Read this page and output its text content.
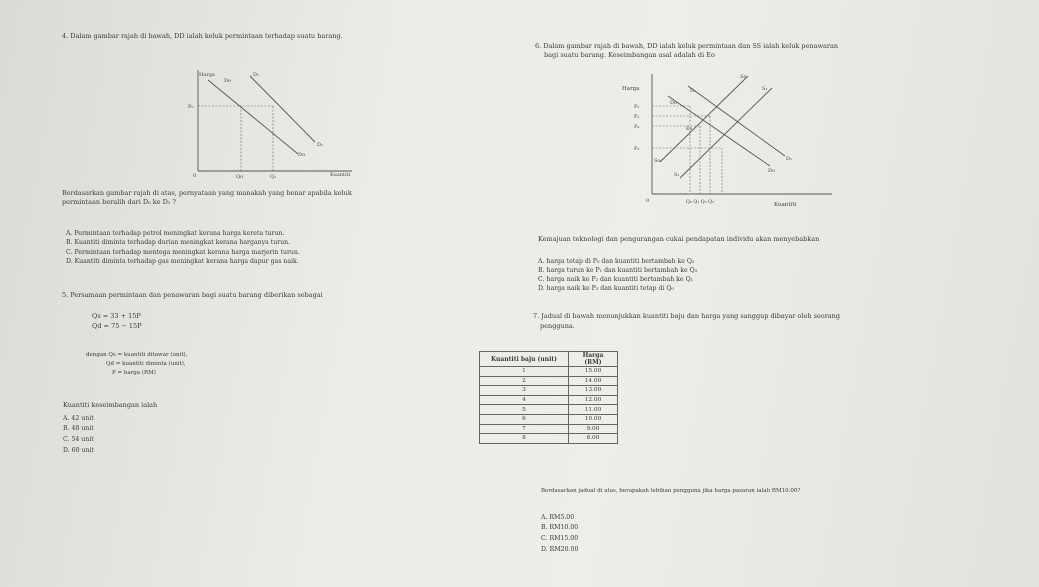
4. Dalam gambar rajah di bawah, DD ialah keluk permintaan terhadap suatu barang.
Harga
Kuantiti
0
Do
D₁
Do
D₁
P₀
Qo	Q₁
Berdasarkan gambar rajah di atas, pernyataan yang manakah yang benar apabila keluk
permintaan beralih dari D₀ ke D₁ ?
A. Permintaan terhadap petrol meningkat kerana harga kereta turun.
B. Kuantiti diminta terhadap durian meningkat kerana harganya turun.
C. Permintaan terhadap mentega meningkat kerana harga marjerin turun.
D. Kuantiti diminta terhadap gas meningkat kerana harga dapur gas naik.
5. Persamaan permintaan dan penawaran bagi suatu barang diberikan sebagai
Qs = 33 + 15P
Qd = 75 − 15P
dengan Qs = kuantiti ditawar (unit),
Qd = kuantiti diminta (unit),
P = harga (RM)
Kuantiti keseimbangan ialah
A. 42 unit
B. 48 unit
C. 54 unit
D. 60 unit
6. Dalam gambar rajah di bawah, DD ialah keluk permintaan dan SS ialah keluk penawaran
bagi suatu barang. Keseimbangan asal adalah di Eo
Harga
Kuantiti
0
P₂
P₁
P₀
P₃
So
S₁
D₁
Do
Eo
So
S₁
D₁
Do
Q₀ Q₁ Q₂ Q₃
Kemajuan teknologi dan pengurangan cukai pendapatan individu akan menyebabkan
A. harga tetap di P₀ dan kuantiti bertambah ke Q₂
B. harga turun ke P₁ dan kuantiti bertambah ke Q₃
C. harga naik ke P₂ dan kuantiti bertambah ke Q₁
D. harga naik ke P₃ dan kuantiti tetap di Q₀
7. Jadual di bawah menunjukkan kuantiti baju dan harga yang sanggup dibayar oleh seorang
pengguna.
Kuantiti baju (unit)	Harga (RM)
1	15.00
2	14.00
3	13.00
4	12.00
5	11.00
6	10.00
7	9.00
8	8.00
Berdasarkan jadual di atas, berapakah lebihan pengguna jika harga pasaran ialah RM10.00?
A. RM5.00
B. RM10.00
C. RM15.00
D. RM20.00
